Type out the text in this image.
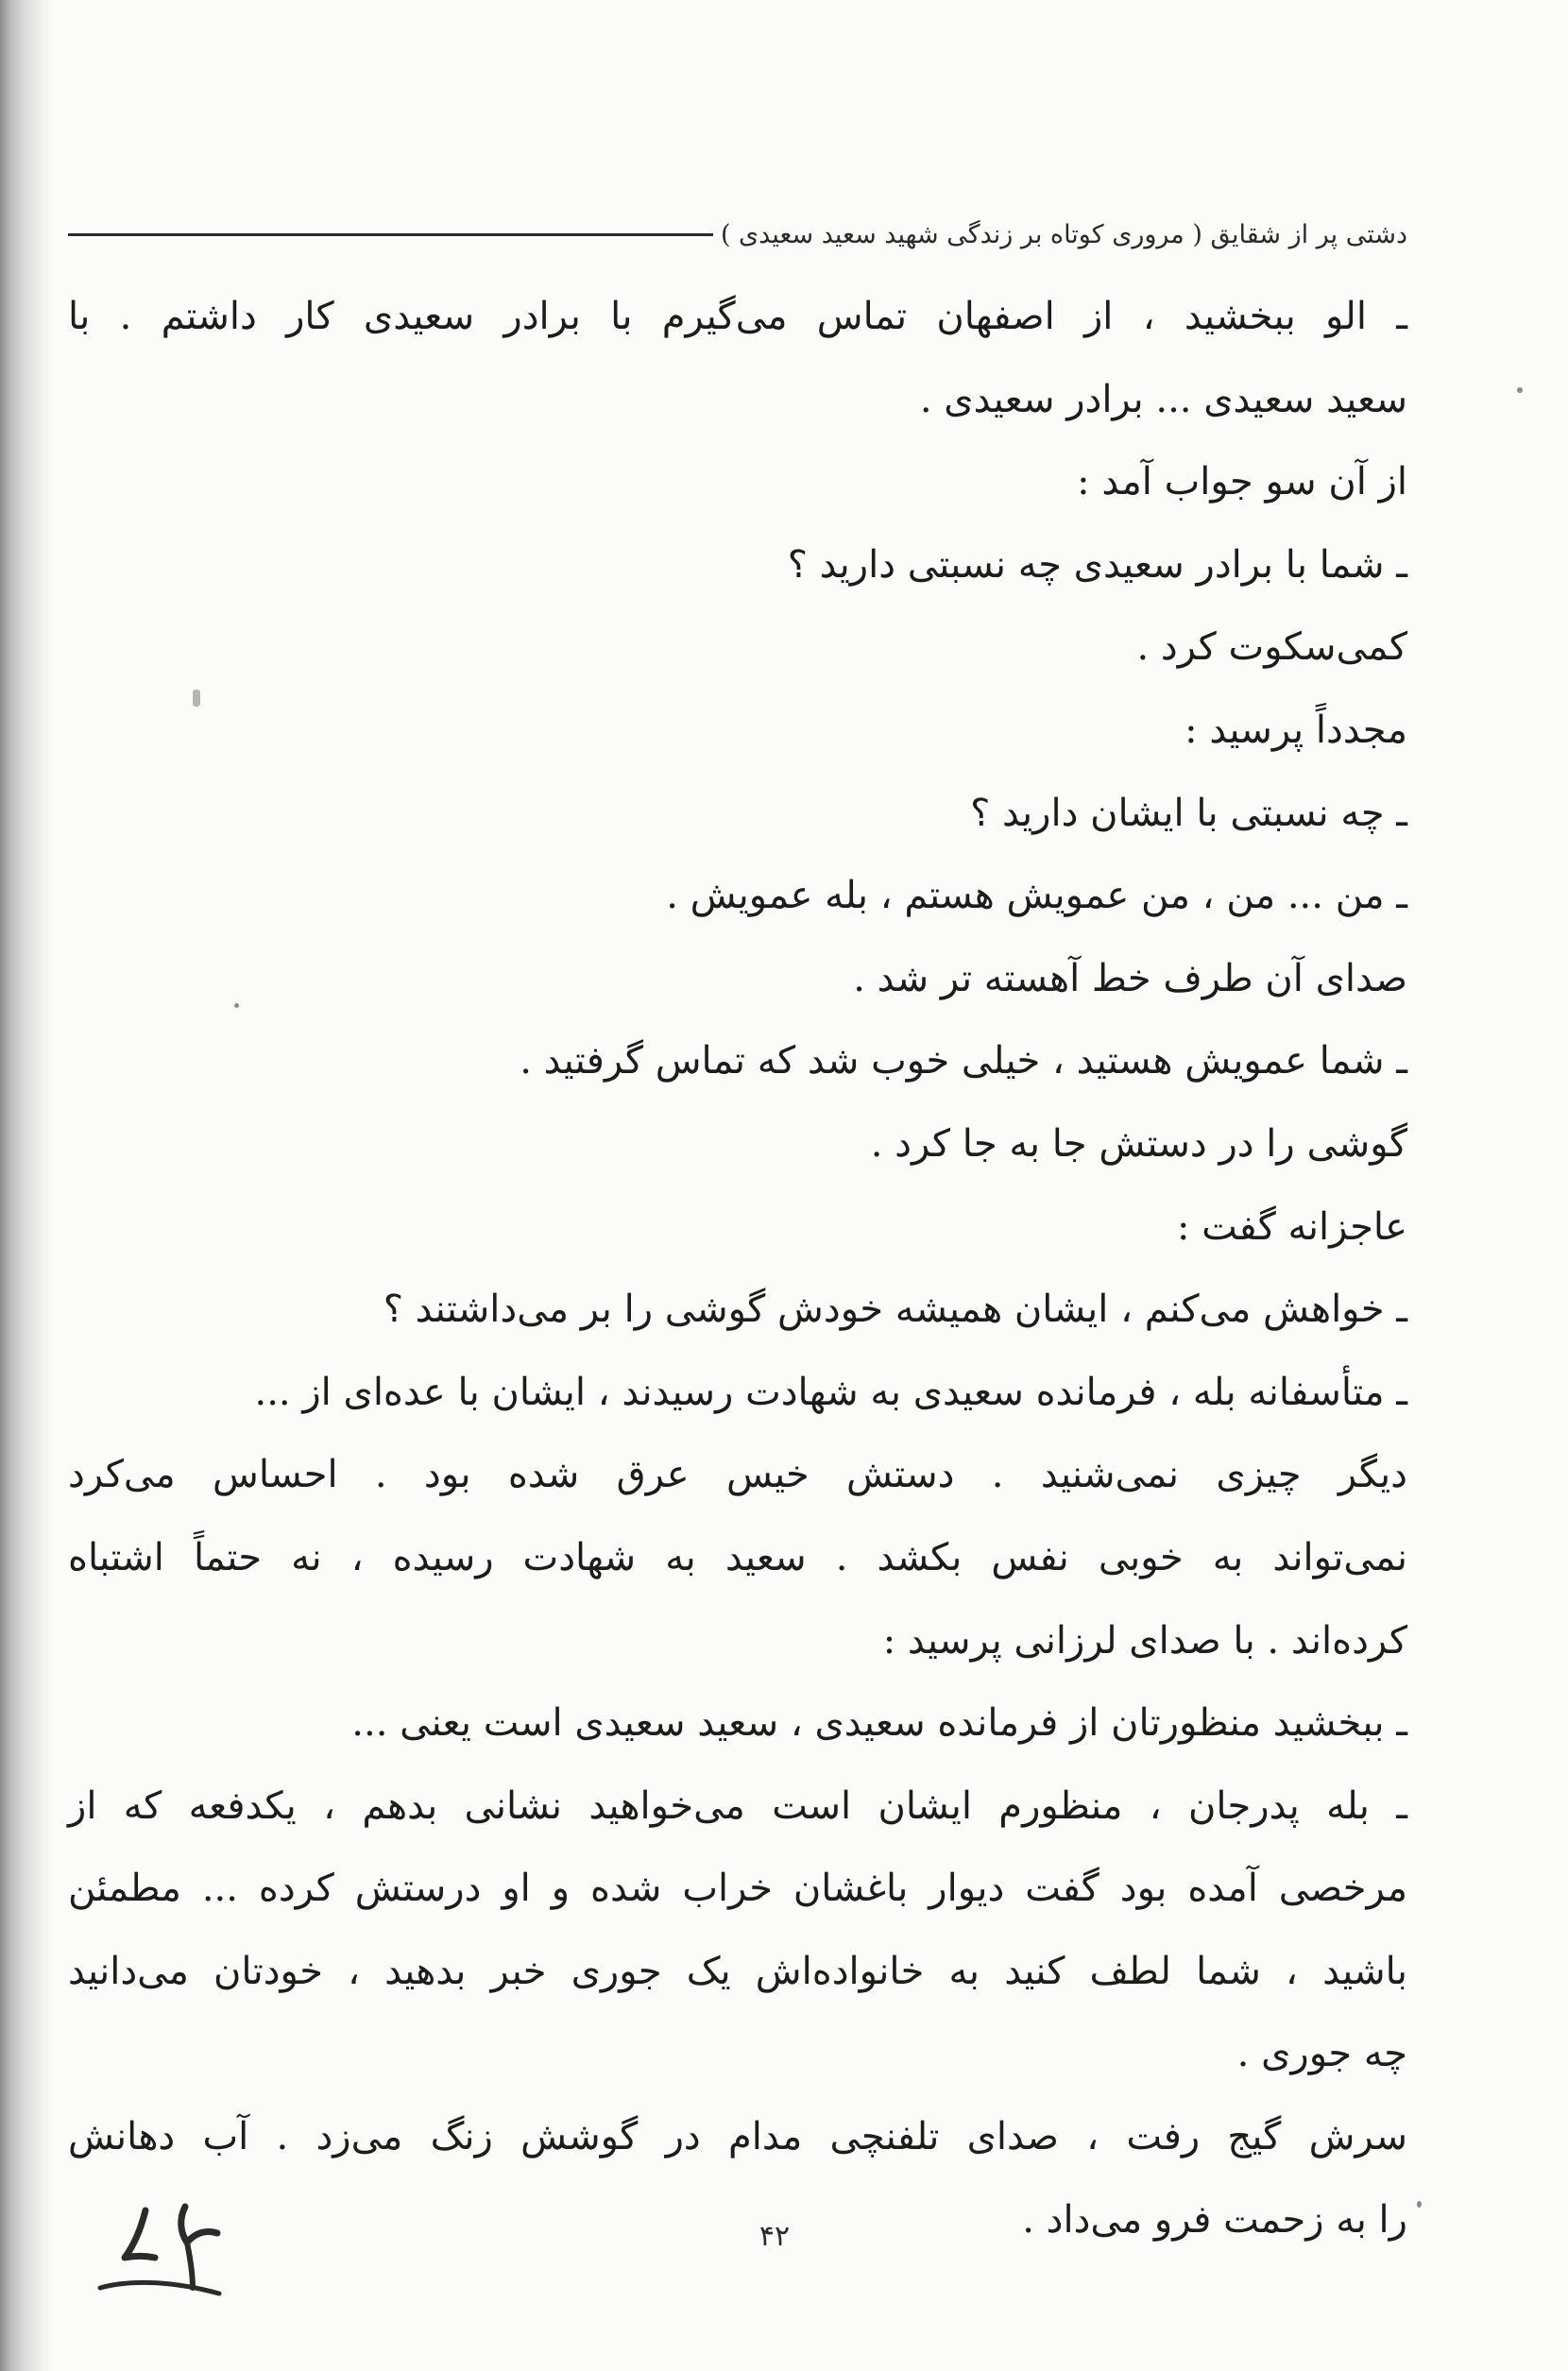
دشتی پر از شقایق ( مروری کوتاه بر زندگی شهید سعید سعیدی )
ـ الو ببخشید ، از اصفهان تماس می‌گیرم با برادر سعیدی کار داشتم . با
سعید سعیدی ... برادر سعیدی .
از آن سو جواب آمد :
ـ شما با برادر سعیدی چه نسبتی دارید ؟
کمی‌سکوت کرد .
مجدداً پرسید :
ـ چه نسبتی با ایشان دارید ؟
ـ من ... من ، من عمویش هستم ، بله عمویش .
صدای آن طرف خط آهسته تر شد .
ـ شما عمویش هستید ، خیلی خوب شد که تماس گرفتید .
گوشی را در دستش جا به جا کرد .
عاجزانه گفت :
ـ خواهش می‌کنم ، ایشان همیشه خودش گوشی را بر می‌داشتند ؟
ـ متأسفانه بله ، فرمانده سعیدی به شهادت رسیدند ، ایشان با عده‌ای از ...
دیگر چیزی نمی‌شنید . دستش خیس عرق شده بود . احساس می‌کرد
نمی‌تواند به خوبی نفس بکشد . سعید به شهادت رسیده ، نه حتماً اشتباه
کرده‌اند . با صدای لرزانی پرسید :
ـ ببخشید منظورتان از فرمانده سعیدی ، سعید سعیدی است یعنی ...
ـ بله پدرجان ، منظورم ایشان است می‌خواهید نشانی بدهم ، یکدفعه که از
مرخصی آمده بود گفت دیوار باغشان خراب شده و او درستش کرده ... مطمئن
باشید ، شما لطف کنید به خانواده‌اش یک جوری خبر بدهید ، خودتان می‌دانید
چه جوری .
سرش گیج رفت ، صدای تلفنچی مدام در گوشش زنگ می‌زد . آب دهانش
را به زحمت فرو می‌داد .
۴۲
